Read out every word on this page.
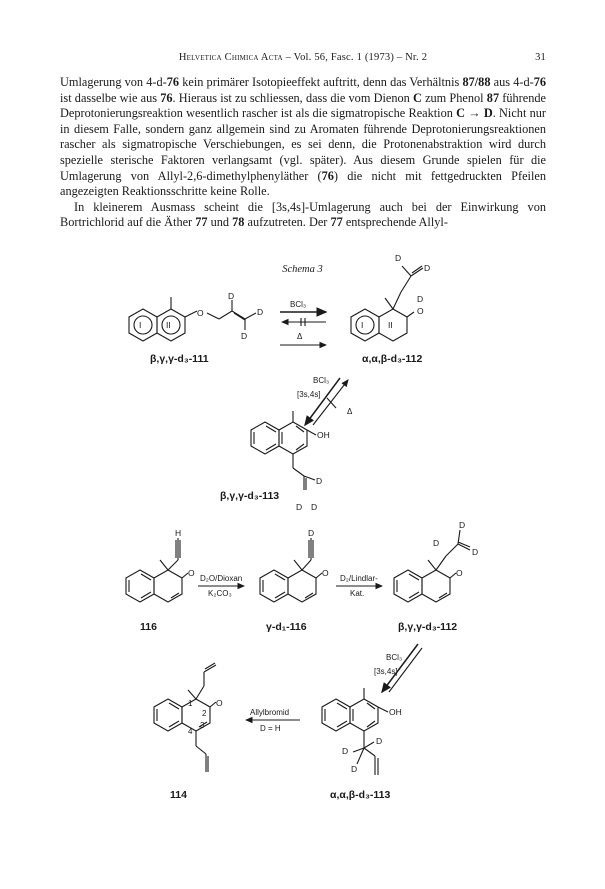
Helvetica Chimica Acta – Vol. 56, Fasc. 1 (1973) – Nr. 2	31

Umlagerung von 4-d-76 kein primärer Isotopieeffekt auftritt, denn das Verhältnis 87/88 aus 4-d-76 ist dasselbe wie aus 76. Hieraus ist zu schliessen, dass die vom Dienon C zum Phenol 87 führende Deprotonierungsreaktion wesentlich rascher ist als die sigmatropische Reaktion C → D. Nicht nur in diesem Falle, sondern ganz allgemein sind zu Aromaten führende Deprotonierungsreaktionen rascher als sigmatropische Verschiebungen, es sei denn, die Protonenabstraktion wird durch spezielle sterische Faktoren verlangsamt (vgl. später). Aus diesem Grunde spielen für die Umlagerung von Allyl-2,6-dimethylphenyläther (76) die nicht mit fettgedruckten Pfeilen angezeigten Reaktionsschritte keine Rolle.

In kleinerem Ausmass scheint die [3s,4s]-Umlagerung auch bei der Einwirkung von Bortrichlorid auf die Äther 77 und 78 aufzutreten. Der 77 entsprechende Allyl-

Schema 3
I	II
O
D
D
D
β,γ,γ-d₃-111
BCl₃
Δ
I	II
D
D
D
O
α,α,β-d₃-112
BCl₃
[3s,4s]
Δ
OH
D
D D
β,γ,γ-d₃-113
H
O
116
D₂O/Dioxan
K₂CO₃
D
O
γ-d₁-116
D₂/Lindlar-
Kat.
D
D
D
O
β,γ,γ-d₃-112
BCl₃
[3s,4s]
OH
D
D
D
α,α,β-d₃-113
Allylbromid
D = H
O
1
2
3
4
114
